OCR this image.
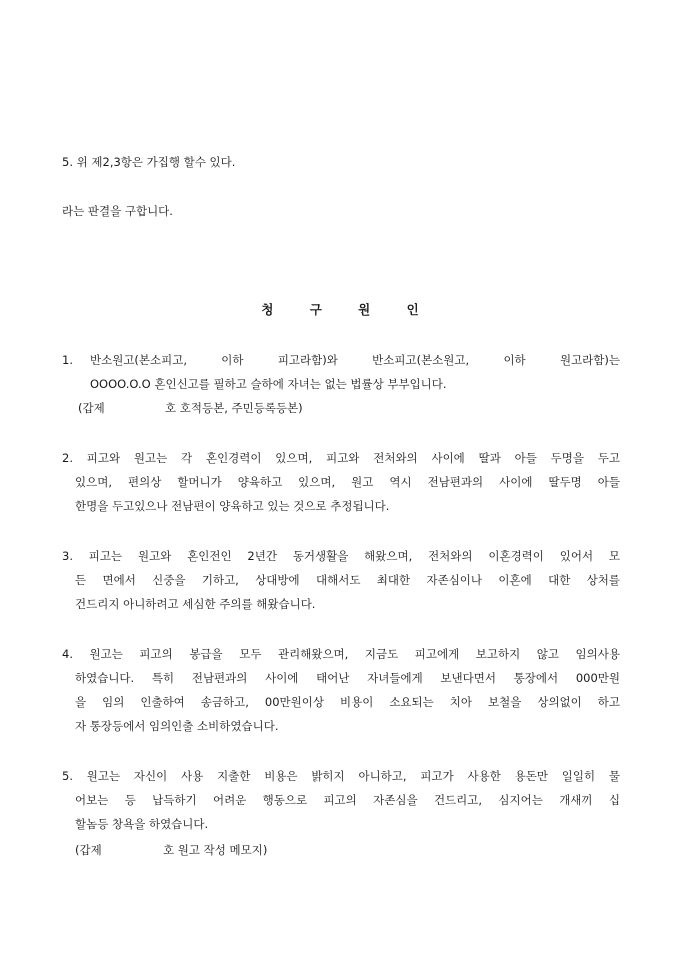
5. 위 제2,3항은 가집행 할수 있다.
라는 판결을 구합니다.
청 구 원 인
1. 반소원고(본소피고, 이하 피고라함)와 반소피고(본소원고, 이하 원고라함)는
OOOO.O.O 혼인신고를 필하고 슬하에 자녀는 없는 법률상 부부입니다.
(갑제	호 호적등본, 주민등록등본)
2. 피고와 원고는 각 혼인경력이 있으며, 피고와 전처와의 사이에 딸과 아들 두명을 두고
있으며, 편의상 할머니가 양육하고 있으며, 원고 역시 전남편과의 사이에 딸두명 아들
한명을 두고있으나 전남편이 양육하고 있는 것으로 추정됩니다.
3. 피고는 원고와 혼인전인 2년간 동거생활을 해왔으며, 전처와의 이혼경력이 있어서 모
든 면에서 신중을 기하고, 상대방에 대해서도 최대한 자존심이나 이혼에 대한 상처를
건드리지 아니하려고 세심한 주의를 해왔습니다.
4. 원고는 피고의 봉급을 모두 관리해왔으며, 지금도 피고에게 보고하지 않고 임의사용
하였습니다. 특히 전남편과의 사이에 태어난 자녀들에게 보낸다면서 통장에서 000만원
을 임의 인출하여 송금하고, 00만원이상 비용이 소요되는 치아 보철을 상의없이 하고
자 통장등에서 임의인출 소비하였습니다.
5. 원고는 자신이 사용 지출한 비용은 밝히지 아니하고, 피고가 사용한 용돈만 일일히 물
어보는 등 납득하기 어려운 행동으로 피고의 자존심을 건드리고, 심지어는 개새끼 십
할놈등 창욕을 하였습니다.
(갑제	호 원고 작성 메모지)
